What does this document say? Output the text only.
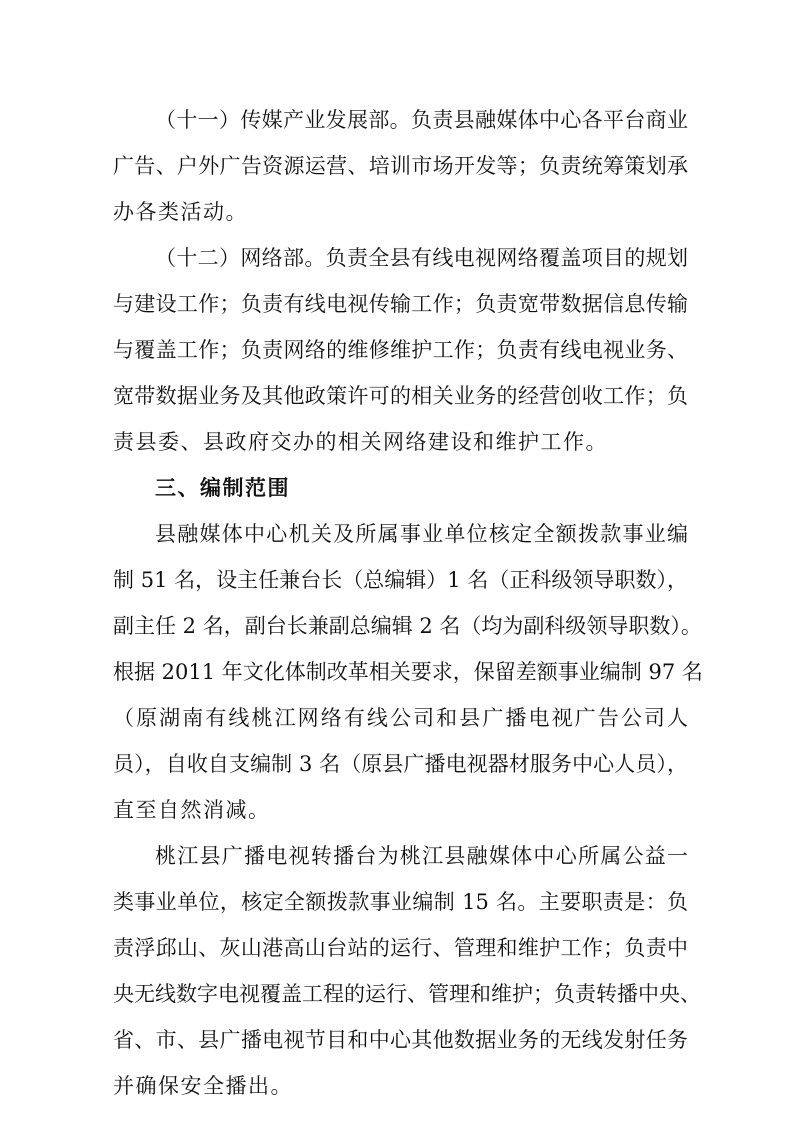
（十一）传媒产业发展部。负责县融媒体中心各平台商业
广告、户外广告资源运营、培训市场开发等；负责统筹策划承
办各类活动。
（十二）网络部。负责全县有线电视网络覆盖项目的规划
与建设工作；负责有线电视传输工作；负责宽带数据信息传输
与覆盖工作；负责网络的维修维护工作；负责有线电视业务、
宽带数据业务及其他政策许可的相关业务的经营创收工作；负
责县委、县政府交办的相关网络建设和维护工作。
三、编制范围
县融媒体中心机关及所属事业单位核定全额拨款事业编
制 51 名，设主任兼台长（总编辑）1 名（正科级领导职数），
副主任 2 名，副台长兼副总编辑 2 名（均为副科级领导职数）。
根据 2011 年文化体制改革相关要求，保留差额事业编制 97 名
（原湖南有线桃江网络有线公司和县广播电视广告公司人
员），自收自支编制 3 名（原县广播电视器材服务中心人员），
直至自然消减。
桃江县广播电视转播台为桃江县融媒体中心所属公益一
类事业单位，核定全额拨款事业编制 15 名。主要职责是：负
责浮邱山、灰山港高山台站的运行、管理和维护工作；负责中
央无线数字电视覆盖工程的运行、管理和维护；负责转播中央、
省、市、县广播电视节目和中心其他数据业务的无线发射任务
并确保安全播出。
